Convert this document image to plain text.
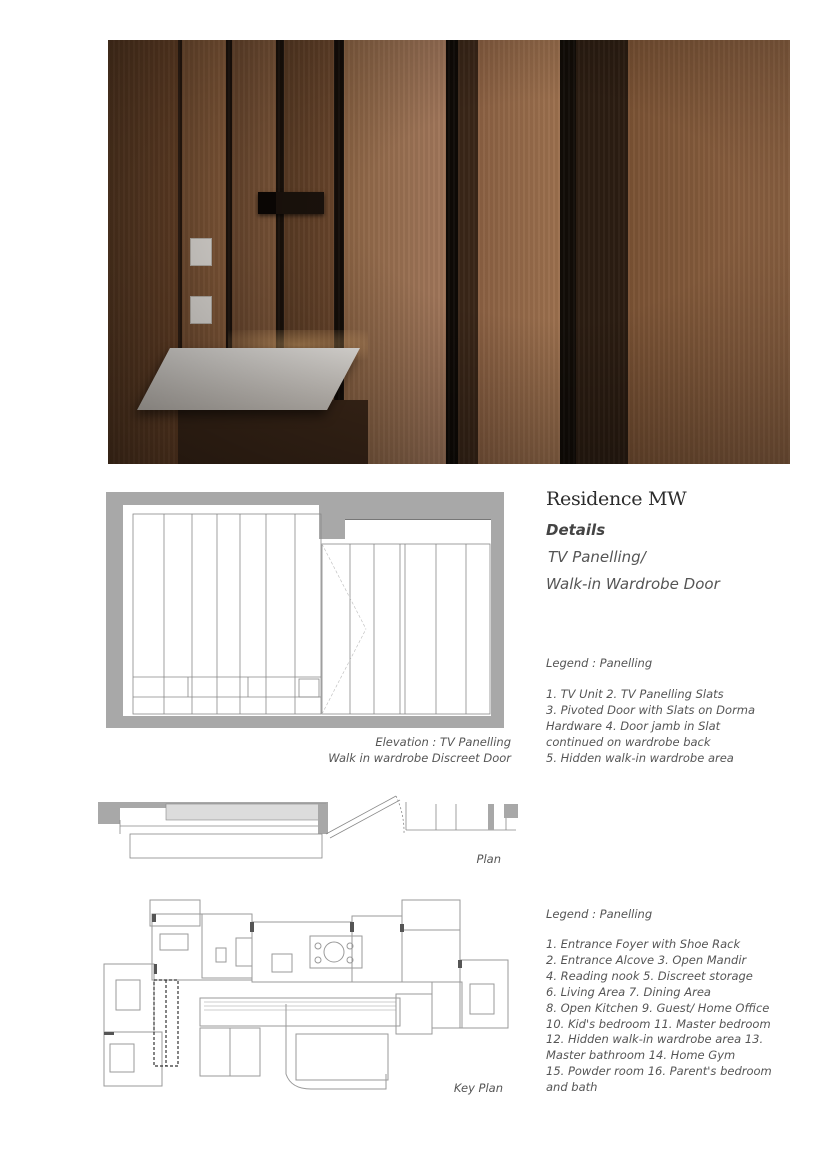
Residence MW
Details
TV Panelling/
Walk-in Wardrobe Door
Legend : Panelling
1. TV Unit 2. TV Panelling Slats
3. Pivoted Door with Slats on Dorma
Hardware 4. Door jamb in Slat
continued on wardrobe back
5. Hidden walk-in wardrobe area
Elevation : TV Panelling
Walk in wardrobe Discreet Door
Plan
Key Plan
Legend : Panelling
1. Entrance Foyer with Shoe Rack
2. Entrance Alcove 3. Open Mandir
4. Reading nook 5. Discreet storage
6. Living Area 7. Dining Area
8. Open Kitchen 9. Guest/ Home Office
10. Kid's bedroom 11. Master bedroom
12. Hidden walk-in wardrobe area 13.
Master bathroom 14. Home Gym
15. Powder room 16. Parent's bedroom
and bath
